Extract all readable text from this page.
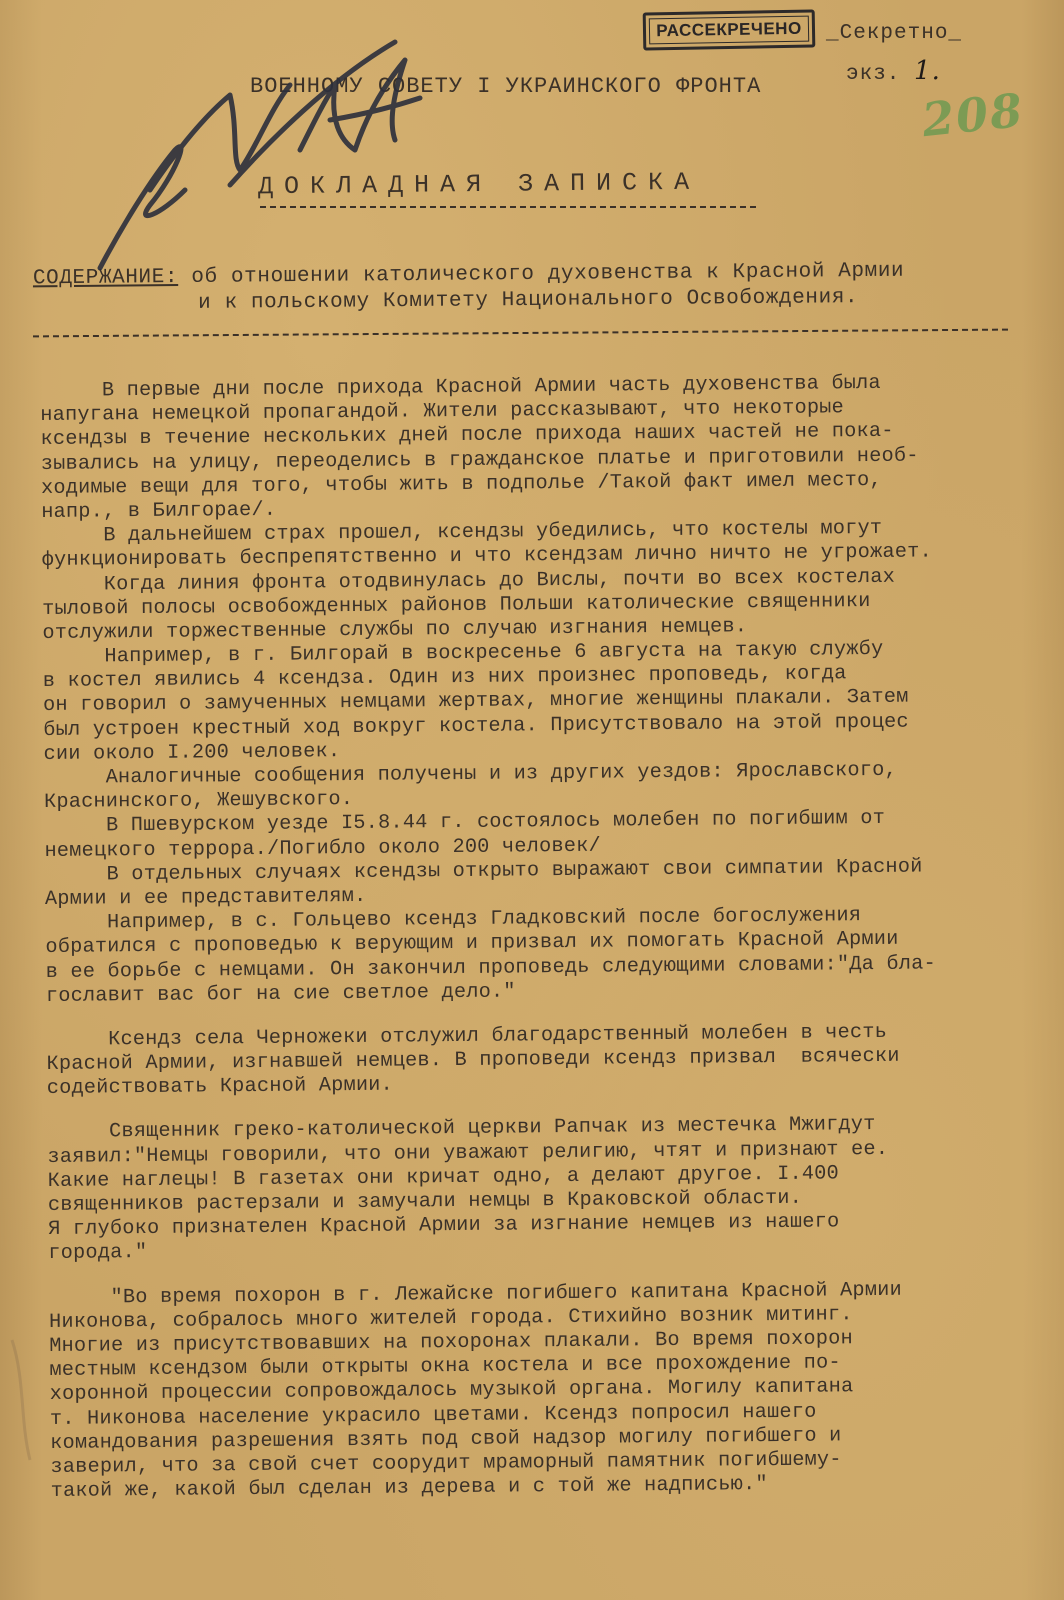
РАССЕКРЕЧЕНО	_Секретно_
экз. 1.
208
ВОЕННОМУ СОВЕТУ I УКРАИНСКОГО ФРОНТА
ДОКЛАДНАЯ ЗАПИСКА
СОДЕРЖАНИЕ: об отношении католического духовенства к Красной Армии
и к польскому Комитету Национального Освобождения.
В первые дни после прихода Красной Армии часть духовенства была
напугана немецкой пропагандой. Жители рассказывают, что некоторые
ксендзы в течение нескольких дней после прихода наших частей не пока-
зывались на улицу, переоделись в гражданское платье и приготовили необ-
ходимые вещи для того, чтобы жить в подполье /Такой факт имел место,
напр., в Билгорае/.
В дальнейшем страх прошел, ксендзы убедились, что костелы могут
функционировать беспрепятственно и что ксендзам лично ничто не угрожает.
Когда линия фронта отодвинулась до Вислы, почти во всех костелах
тыловой полосы освобожденных районов Польши католические священники
отслужили торжественные службы по случаю изгнания немцев.
Например, в г. Билгорай в воскресенье 6 августа на такую службу
в костел явились 4 ксендза. Один из них произнес проповедь, когда
он говорил о замученных немцами жертвах, многие женщины плакали. Затем
был устроен крестный ход вокруг костела. Присутствовало на этой процес
сии около I.200 человек.
Аналогичные сообщения получены и из других уездов: Ярославского,
Краснинского, Жешувского.
В Пшевурском уезде I5.8.44 г. состоялось молебен по погибшим от
немецкого террора./Погибло около 200 человек/
В отдельных случаях ксендзы открыто выражают свои симпатии Красной
Армии и ее представителям.
Например, в с. Гольцево ксендз Гладковский после богослужения
обратился с проповедью к верующим и призвал их помогать Красной Армии
в ее борьбе с немцами. Он закончил проповедь следующими словами:"Да бла-
гославит вас бог на сие светлое дело."
Ксендз села Черножеки отслужил благодарственный молебен в честь
Красной Армии, изгнавшей немцев. В проповеди ксендз призвал  всячески
содействовать Красной Армии.
Священник греко-католической церкви Рапчак из местечка Мжигдут
заявил:"Немцы говорили, что они уважают религию, чтят и признают ее.
Какие наглецы! В газетах они кричат одно, а делают другое. I.400
священников растерзали и замучали немцы в Краковской области.
Я глубоко признателен Красной Армии за изгнание немцев из нашего
города."
"Во время похорон в г. Лежайске погибшего капитана Красной Армии
Никонова, собралось много жителей города. Стихийно возник митинг.
Многие из присутствовавших на похоронах плакали. Во время похорон
местным ксендзом были открыты окна костела и все прохождение по-
хоронной процессии сопровождалось музыкой органа. Могилу капитана
т. Никонова население украсило цветами. Ксендз попросил нашего
командования разрешения взять под свой надзор могилу погибшего и
заверил, что за свой счет соорудит мраморный памятник погибшему-
такой же, какой был сделан из дерева и с той же надписью."
